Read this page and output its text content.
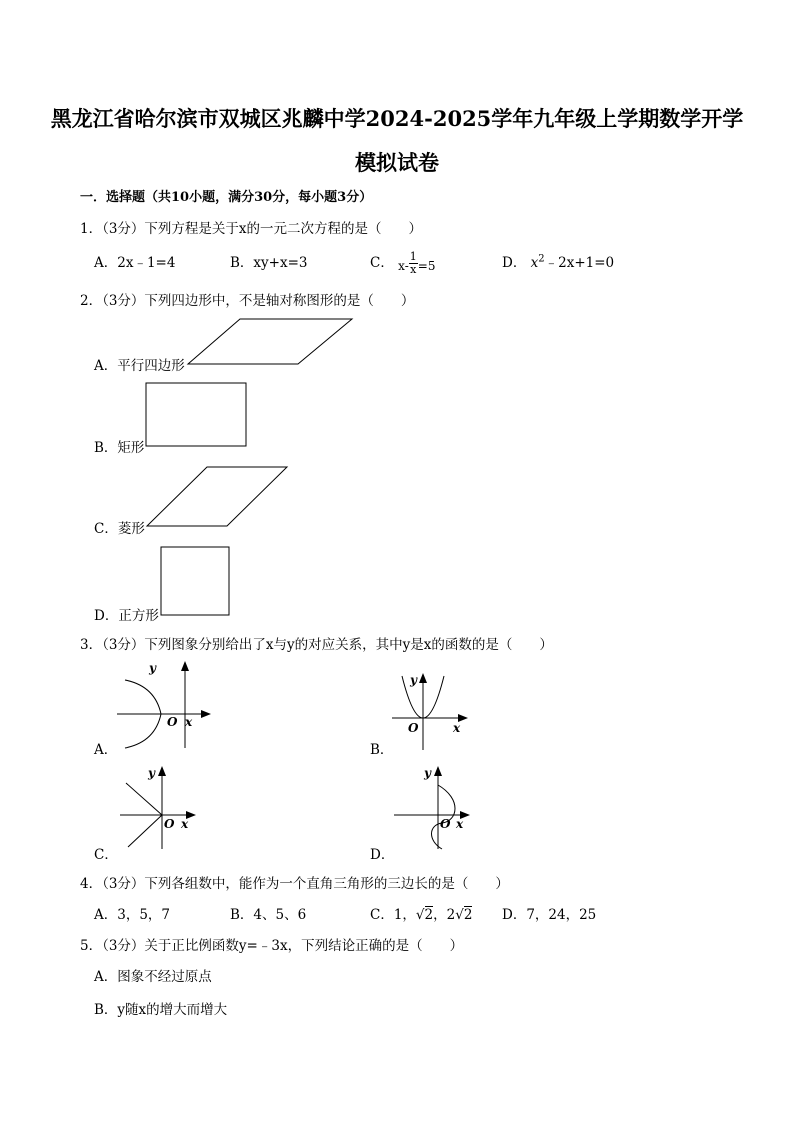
黑龙江省哈尔滨市双城区兆麟中学2024-2025学年九年级上学期数学开学
模拟试卷
一．选择题（共10小题，满分30分，每小题3分）
1．（3分）下列方程是关于x的一元二次方程的是（　　）
A．2x﹣1=4	B．xy+x=3	C． $x- \frac{1}{x} =5$	D． $x^2﹣2x+1=0$
2．（3分）下列四边形中，不是轴对称图形的是（　　）
A．平行四边形
B．矩形
C．菱形
D．正方形
3．（3分）下列图象分别给出了x与y的对应关系，其中y是x的函数的是（　　）
A．
y
O x
B．
y
O	x
C．
y
O x
D．
y
O x
4．（3分）下列各组数中，能作为一个直角三角形的三边长的是（　　）
A．3，5，7	B．4、5、6	C．1，√2，2√2 D．7，24，25
5．（3分）关于正比例函数y=﹣3x，下列结论正确的是（　　）
A．图象不经过原点
B．y随x的增大而增大
